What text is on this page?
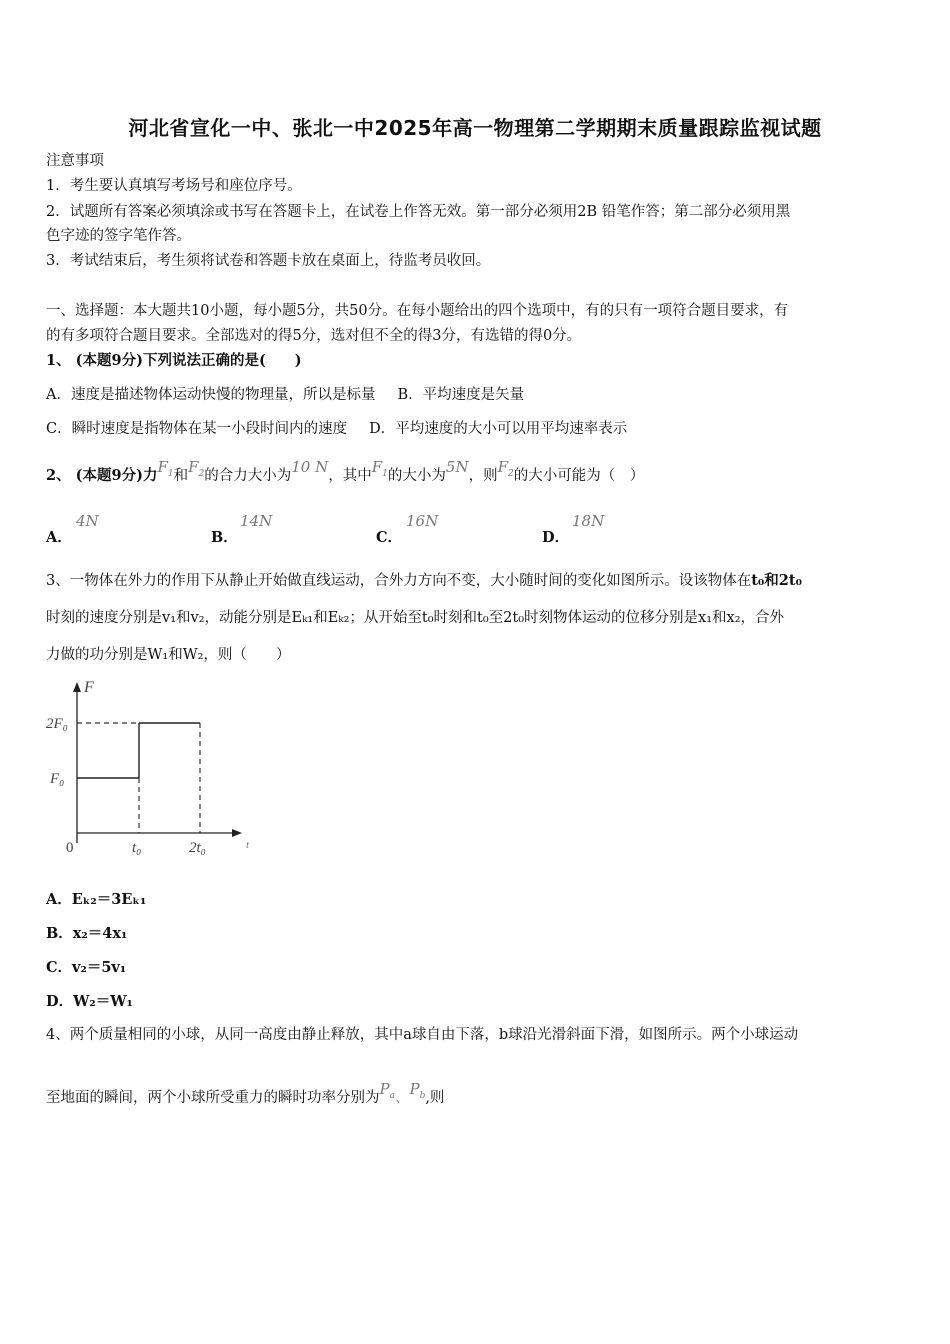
河北省宣化一中、张北一中2025年高一物理第二学期期末质量跟踪监视试题
注意事项
1．考生要认真填写考场号和座位序号。
2．试题所有答案必须填涂或书写在答题卡上，在试卷上作答无效。第一部分必须用2B 铅笔作答；第二部分必须用黑
色字迹的签字笔作答。
3．考试结束后，考生须将试卷和答题卡放在桌面上，待监考员收回。
一、选择题：本大题共10小题，每小题5分，共50分。在每小题给出的四个选项中，有的只有一项符合题目要求，有
的有多项符合题目要求。全部选对的得5分，选对但不全的得3分，有选错的得0分。
1、 (本题9分)下列说法正确的是(　　)
A．速度是描述物体运动快慢的物理量，所以是标量 B．平均速度是矢量
C．瞬时速度是指物体在某一小段时间内的速度 D．平均速度的大小可以用平均速率表示
2、 (本题9分)力$F_1$和$F_2$的合力大小为10 N，其中$F_1$的大小为5N，则$F_2$的大小可能为（　）
A．
4N
B．
14N
C．
16N
D．
18N
3、一物体在外力的作用下从静止开始做直线运动，合外力方向不变，大小随时间的变化如图所示。设该物体在t₀和2t₀
时刻的速度分别是v₁和v₂，动能分别是Eₖ₁和Eₖ₂；从开始至t₀时刻和t₀至2t₀时刻物体运动的位移分别是x₁和x₂，合外
力做的功分别是W₁和W₂，则（　　）
F
t
2F₀
F₀
0	t₀	2t₀
A．Eₖ₂＝3Eₖ₁
B．x₂＝4x₁
C．v₂＝5v₁
D．W₂＝W₁
4、两个质量相同的小球，从同一高度由静止释放，其中a球自由下落，b球沿光滑斜面下滑，如图所示。两个小球运动
至地面的瞬间，两个小球所受重力的瞬时功率分别为$P_a$、$P_b$,则
